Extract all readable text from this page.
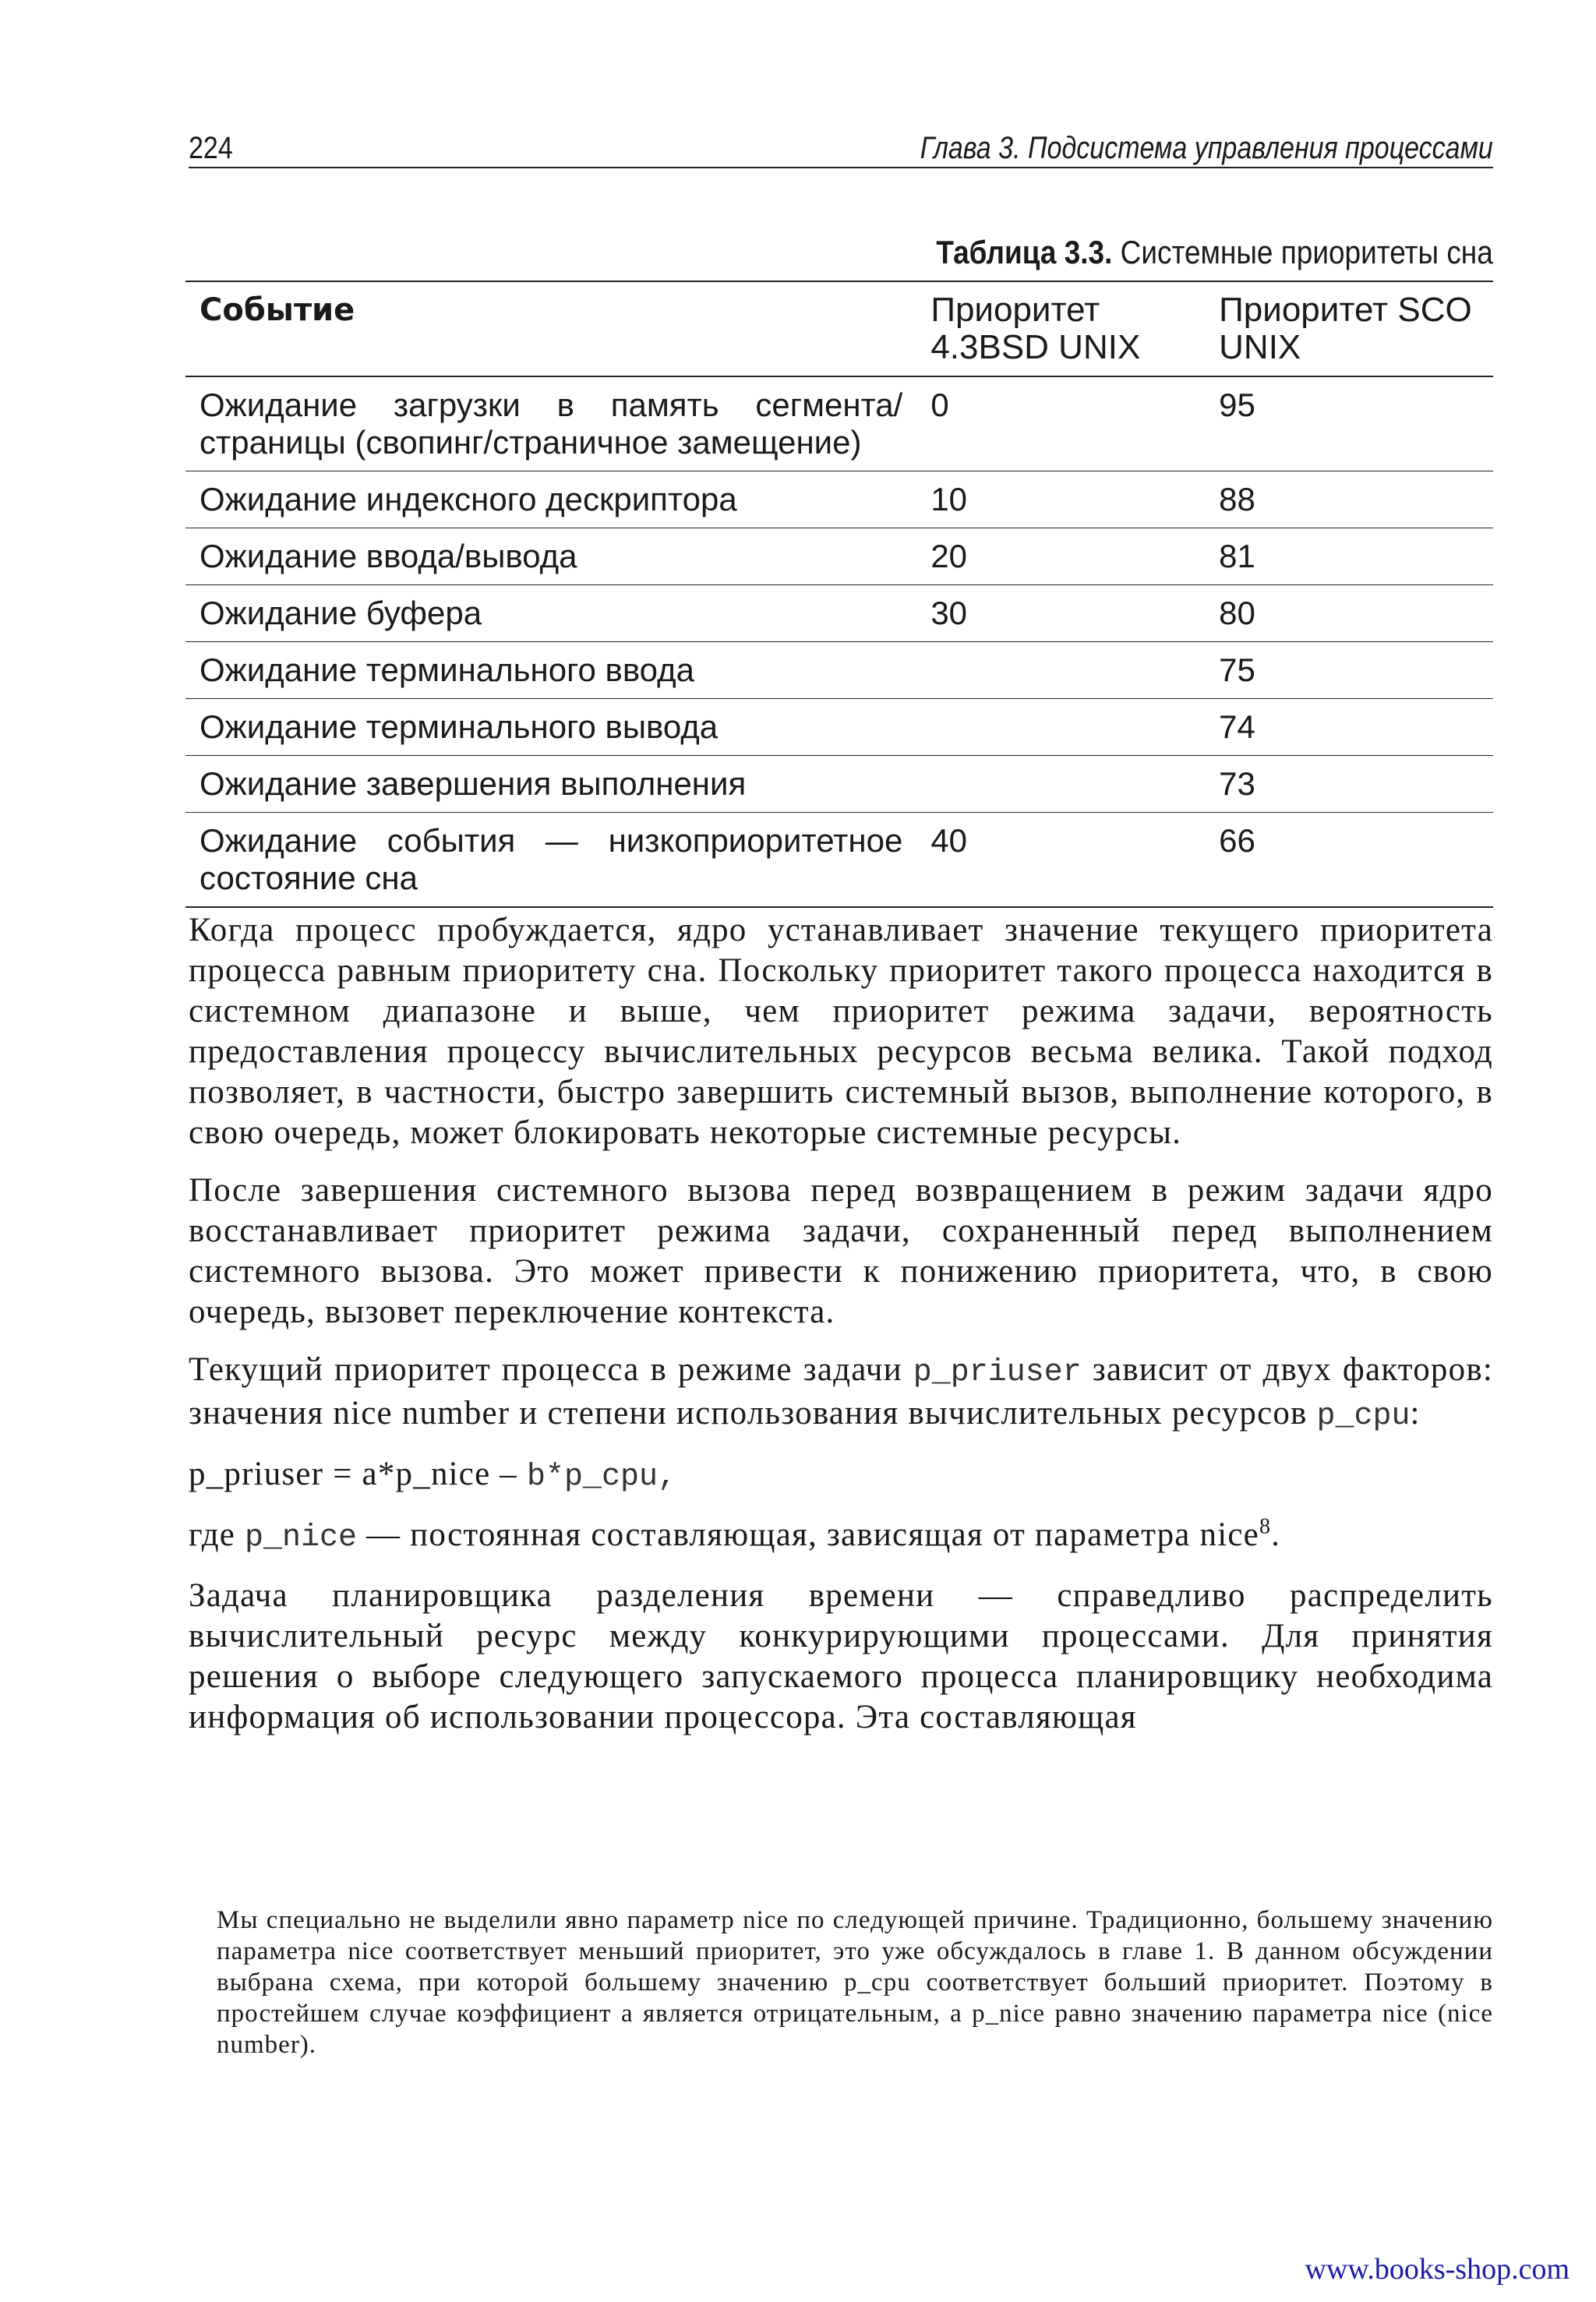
224	Глава 3. Подсистема управления процессами
Таблица 3.3. Системные приоритеты сна
Событие	Приоритет 4.3BSD UNIX	Приоритет SCO UNIX
Ожидание загрузки в память сегмента/страницы (свопинг/страничное замещение)	0	95
Ожидание индексного дескриптора	10	88
Ожидание ввода/вывода	20	81
Ожидание буфера	30	80
Ожидание терминального ввода		75
Ожидание терминального вывода		74
Ожидание завершения выполнения		73
Ожидание события — низкоприоритетное состояние сна	40	66

Когда процесс пробуждается, ядро устанавливает значение текущего приоритета процесса равным приоритету сна. Поскольку приоритет такого процесса находится в системном диапазоне и выше, чем приоритет режима задачи, вероятность предоставления процессу вычислительных ресурсов весьма велика. Такой подход позволяет, в частности, быстро завершить системный вызов, выполнение которого, в свою очередь, может блокировать некоторые системные ресурсы.

После завершения системного вызова перед возвращением в режим задачи ядро восстанавливает приоритет режима задачи, сохраненный перед выполнением системного вызова. Это может привести к понижению приоритета, что, в свою очередь, вызовет переключение контекста.

Текущий приоритет процесса в режиме задачи p_priuser зависит от двух факторов: значения nice number и степени использования вычислительных ресурсов p_cpu:

p_priuser = a*p_nice – b*p_cpu,

где p_nice — постоянная составляющая, зависящая от параметра nice$^8$.

Задача планировщика разделения времени — справедливо распределить вычислительный ресурс между конкурирующими процессами. Для принятия решения о выборе следующего запускаемого процесса планировщику необходима информация об использовании процессора. Эта составляющая

Мы специально не выделили явно параметр nice по следующей причине. Традиционно, большему значению параметра nice соответствует меньший приоритет, это уже обсуждалось в главе 1. В данном обсуждении выбрана схема, при которой большему значению p_cpu соответствует больший приоритет. Поэтому в простейшем случае коэффициент a является отрицательным, а p_nice равно значению параметра nice (nice number).
www.books-shop.com
